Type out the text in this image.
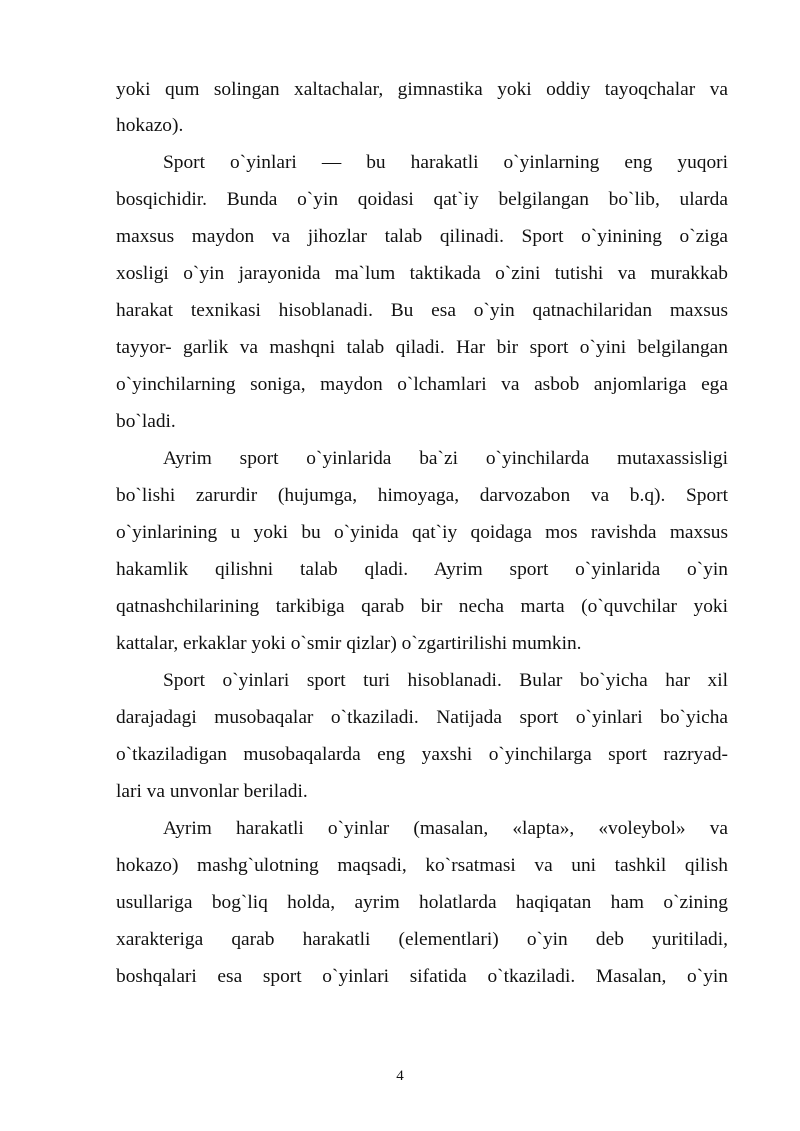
yoki qum solingan xaltachalar, gimnastika yoki oddiy tayoqchalar va
hokazo).
Sport o`yinlari — bu harakatli o`yinlarning eng yuqori
bosqichidir. Bunda o`yin qoidasi qat`iy belgilangan bo`lib, ularda
maxsus maydon va jihozlar talab qilinadi. Sport o`yinining o`ziga
xosligi o`yin jarayonida ma`lum taktikada o`zini tutishi va murakkab
harakat texnikasi hisoblanadi. Bu esa o`yin qatnachilaridan maxsus
tayyor- garlik va mashqni talab qiladi. Har bir sport o`yini belgilangan
o`yinchilarning soniga, maydon o`lchamlari va asbob anjomlariga ega
bo`ladi.
Ayrim sport o`yinlarida ba`zi o`yinchilarda mutaxassisligi
bo`lishi zarurdir (hujumga, himoyaga, darvozabon va b.q). Sport
o`yinlarining u yoki bu o`yinida qat`iy qoidaga mos ravishda maxsus
hakamlik qilishni talab qladi. Ayrim sport o`yinlarida o`yin
qatnashchilarining tarkibiga qarab bir necha marta (o`quvchilar yoki
kattalar, erkaklar yoki o`smir qizlar) o`zgartirilishi mumkin.
Sport o`yinlari sport turi hisoblanadi. Bular bo`yicha har xil
darajadagi musobaqalar o`tkaziladi. Natijada sport o`yinlari bo`yicha
o`tkaziladigan musobaqalarda eng yaxshi o`yinchilarga sport razryad-
lari va unvonlar beriladi.
Ayrim harakatli o`yinlar (masalan, «lapta», «voleybol» va
hokazo) mashg`ulotning maqsadi, ko`rsatmasi va uni tashkil qilish
usullariga bog`liq holda, ayrim holatlarda haqiqatan ham o`zining
xarakteriga qarab harakatli (elementlari) o`yin deb yuritiladi,
boshqalari esa sport o`yinlari sifatida o`tkaziladi. Masalan, o`yin
4
